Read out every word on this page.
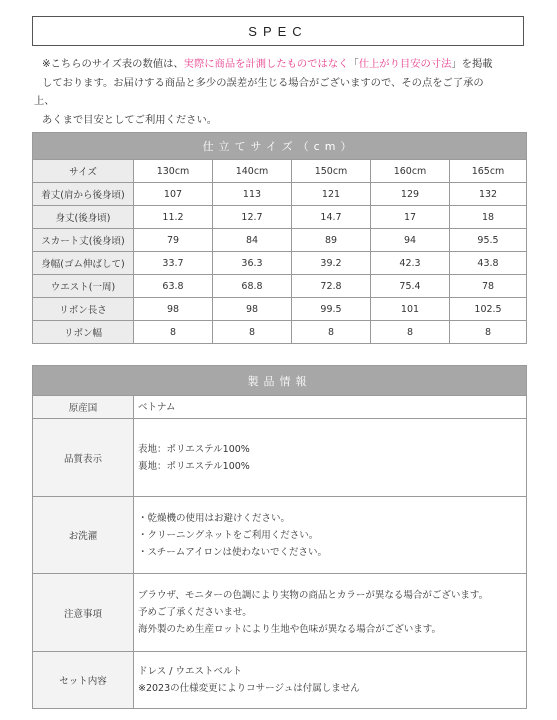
SPEC

※こちらのサイズ表の数値は、実際に商品を計測したものではなく「仕上がり目安の寸法」を掲載

しております。お届けする商品と多少の誤差が生じる場合がございますので、その点をご了承の

上、

あくまで目安としてご利用ください。

仕立てサイズ（cm）					
サイズ	130cm	140cm	150cm	160cm	165cm
着丈(肩から後身頃)	107	113	121	129	132
身丈(後身頃)	11.2	12.7	14.7	17	18
スカート丈(後身頃)	79	84	89	94	95.5
身幅(ゴム伸ばして)	33.7	36.3	39.2	42.3	43.8
ウエスト(一周)	63.8	68.8	72.8	75.4	78
リボン長さ	98	98	99.5	101	102.5
リボン幅	8	8	8	8	8
製品情報	
原産国	ベトナム

品質表示	表地：ポリエステル100%
裏地：ポリエステル100%

お洗濯	・乾燥機の使用はお避けください。
・クリーニングネットをご利用ください。
・スチームアイロンは使わないでください。

注意事項	ブラウザ、モニターの色調により実物の商品とカラーが異なる場合がございます。
予めご了承くださいませ。
海外製のため生産ロットにより生地や色味が異なる場合がございます。

セット内容	ドレス / ウエストベルト
※2023の仕様変更によりコサージュは付属しません
